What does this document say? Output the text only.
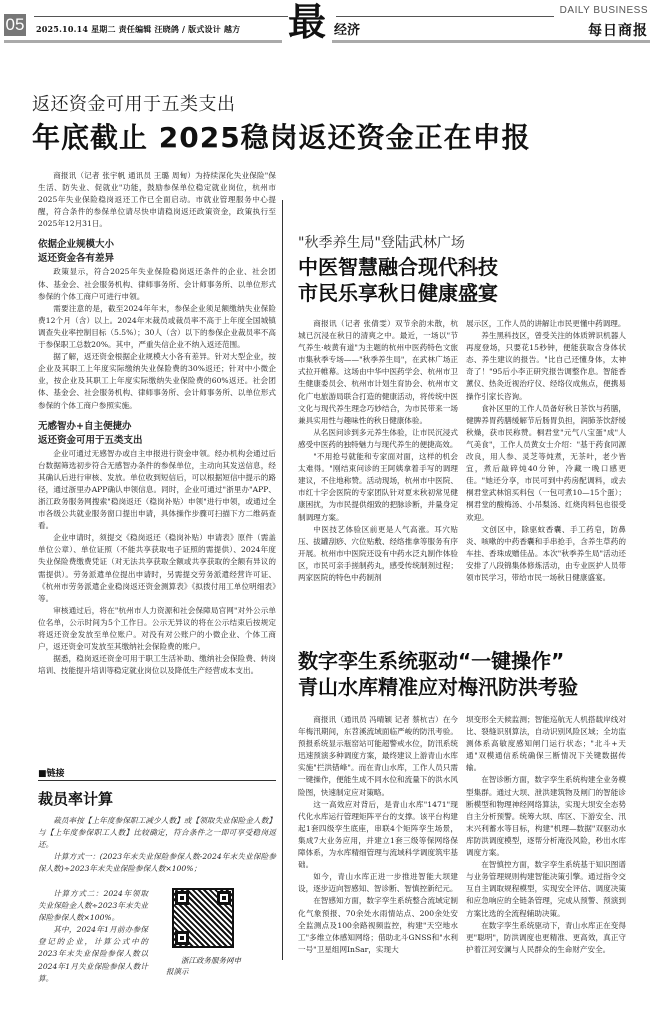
05 2025.10.14 星期二 责任编辑 汪晓鸽 / 版式设计 越方 最 经济
DAILY BUSINESS
每日商报
返还资金可用于五类支出
年底截止 2025稳岗返还资金正在申报

商报讯（记者 张宇帆 通讯员 王璐 周甸）为持续深化失业保险"保生活、防失业、促就业"功能，鼓励参保单位稳定就业岗位，杭州市2025年失业保险稳岗返还工作已全面启动。市就业管理服务中心提醒，符合条件的参保单位请尽快申请稳岗返还政策资金，政策执行至2025年12月31日。

依据企业规模大小
返还资金各有差异

政策显示，符合2025年失业保险稳岗返还条件的企业、社会团体、基金会、社会服务机构、律师事务所、会计师事务所、以单位形式参保的个体工商户可进行申领。

需要注意的是，截至2024年年末，参保企业须足额缴纳失业保险费12个月（含）以上。2024年末裁员或裁员率不高于上年度全国城镇调查失业率控制目标（5.5%）；30人（含）以下的参保企业裁员率不高于参保职工总数20%。其中，严重失信企业不纳入返还范围。

据了解，返还资金根据企业规模大小各有差异。针对大型企业，按企业及其职工上年度实际缴纳失业保险费的30%返还；针对中小微企业，按企业及其职工上年度实际缴纳失业保险费的60%返还。社会团体、基金会、社会服务机构、律师事务所、会计师事务所、以单位形式参保的个体工商户参照实施。

无感智办+自主便捷办
返还资金可用于五类支出

企业可通过无感智办或自主申报进行资金申领。经办机构会通过后台数据筛选初步符合无感智办条件的参保单位，主动向其发送信息，经其确认后进行审核、发放。单位收到短信后，可以根据短信中提示的路径，通过浙里办APP确认申领信息。同时，企业可通过"浙里办"APP、浙江政务服务网搜索"稳岗返还（稳岗补贴）申领"进行申领，或通过全市各级公共就业服务窗口提出申请，具体操作步骤可扫描下方二维码查看。

企业申请时，须提交《稳岗返还（稳岗补贴）申请表》原件（需盖单位公章）、单位证照（不能共享获取电子证照的需提供）、2024年度失业保险费缴费凭证（对无法共享获取全额或共享获取的全额有异议的需提供）。劳务派遣单位提出申请时，另需提交劳务派遣经营许可证、《杭州市劳务派遣企业稳岗返还资金测算表》《拟拨付用工单位明细表》等。

审核通过后，将在"杭州市人力资源和社会保障局官网"对外公示单位名单，公示时间为5个工作日。公示无异议的将在公示结束后按规定将返还资金发放至单位账户。对没有对公账户的小微企业、个体工商户，返还资金可发放至其缴纳社会保险费的账户。

据悉，稳岗返还资金可用于职工生活补助、缴纳社会保险费、转岗培训、技能提升培训等稳定就业岗位以及降低生产经营成本支出。

■链接
裁员率计算

裁员率按【上年度参保职工减少人数】或【领取失业保险金人数】与【上年度参保职工人数】比较确定，符合条件之一即可享受稳岗返还。

计算方式一：(2023年末失业保险参保人数-2024年末失业保险参保人数)÷2023年末失业保险参保人数×100%；

计算方式二：2024年领取失业保险金人数÷2023年末失业保险参保人数×100%。

其中，2024年1月前办参保登记的企业，计算公式中的2023年末失业保险参保人数以2024年1月失业保险参保人数计算。

浙江政务服务网申报演示
"秋季养生局"登陆武林广场
中医智慧融合现代科技
市民乐享秋日健康盛宴

商报讯（记者 张倩雯）双节余韵未散，杭城已沉浸在秋日的清爽之中。最近，一场以"节气养生·岐黄有道"为主题的杭州中医药特色文旅市集秋季专场——"秋季养生局"，在武林广场正式拉开帷幕。这场由中华中医药学会、杭州市卫生健康委员会、杭州市计划生育协会、杭州市文化广电旅游局联合打造的健康活动，将传统中医文化与现代养生理念巧妙结合，为市民带来一场兼具实用性与趣味性的秋日健康体验。

从名医问诊到多元养生体验，让市民沉浸式感受中医药的独特魅力与现代养生的便捷高效。

"不用抢号就能和专家面对面，这样的机会太难得。"刚结束问诊的王阿姨拿着手写的调理建议，不住地称赞。活动现场，杭州市中医院、市红十字会医院的专家团队针对夏末秋初常见健康困扰，为市民提供细致的把脉诊断，并量身定制调理方案。

中医技艺体验区前更是人气高涨。耳穴贴压、拔罐刮痧、穴位贴敷、经络推拿等服务有序开展。杭州市中医院还设有中药水泛丸制作体验区，市民可亲手搓制药丸，感受传统制剂过程；两家医院的特色中药制剂

展示区，工作人员的讲解让市民更懂中药调理。

养生黑科技区，曾受关注的体质辨识机器人再度登场，只要花15秒钟，便能获取含身体状态、养生建议的报告。"比自己还懂身体，太神奇了！"95后小李正研究报告调整作息。智能香薰仪、热灸近视治疗仪、经络仪成焦点，便携易操作引家长咨询。

食补区里的工作人员备好秋日茶饮与药膳，健脾养胃药膳缓解节后肠胃负担，润肺茶饮舒缓秋燥，获市民称赞。桐君堂"元气八宝蛋"成"人气美食"，工作人员黄女士介绍："基于药食同源改良，用人参、灵芝等炖煮，无茶叶，老少皆宜，煮后敲碎炖40分钟，冷藏一晚口感更佳。"她还分享，市民可到中药房配调料，或去桐君堂武林馆买料包（一包可煮10—15个蛋）；桐君堂的酸梅汤、小吊梨汤、红烧肉料包也很受欢迎。

文创区中，除驱蚊香囊、手工药皂，防鼻炎、咳嗽的中药香囊和手串抢手，含养生草药的车挂、香珠成赠佳品。本次"秋季养生局"活动还安排了八段锦集体修炼活动，由专业医护人员带领市民学习，带给市民一场秋日健康盛宴。

数字孪生系统驱动“一键操作”
青山水库精准应对梅汛防洪考验

商报讯（通讯员 冯晴颖 记者 蔡杭吉）在今年梅汛期间，东苕溪流域面临严峻的防汛考验。预报系统显示瓶窑站可能超警戒水位，防汛系统迅速预演多种调度方案，最终建议上游青山水库实施"拦洪错峰"。而在青山水库，工作人员只需一键操作，便能生成不同水位和流量下的洪水风险图，快速制定应对策略。

这一高效应对背后，是青山水库"1471"现代化水库运行管理矩阵平台的支撑。该平台构建起1套四级孪生底座，串联4个矩阵孪生场景，集成7大业务应用，并建立1套三级等保网络保障体系，为水库精细管理与流域科学调度筑牢基础。

如今，青山水库正进一步推进智能大坝建设，逐步迈向智感知、智诊断、智慎控新纪元。

在智感知方面，数字孪生系统整合流域定制化气象预报、70余处水雨情站点、200余处安全监测点及100余路视频监控，构建"天空地水工"多维立体感知网络；借助北斗GNSS和"水利一号"卫星组网InSar，实现大

坝变形全天候监测；智能巡航无人机搭载岸线对比、裂缝识别算法，自动识别风险区域；全坊监测体系高敏度感知闸门运行状态；"北斗+天通"双模通信系统确保三断情况下关键数据传输。

在智诊断方面，数字孪生系统构建全业务模型集群。通过大坝、泄洪建筑物及闸门的智能诊断模型和物理神经网络算法，实现大坝安全态势自主分析预警。统筹大坝、库区、下游安全、汛末兴利蓄水等目标，构建"机理—数据"双驱动水库防洪调度模型，逐帮分析淹没风险，秒出水库调度方案。

在智慎控方面，数字孪生系统基于知识图谱与业务管理规则构建智能决策引擎。通过指令交互自主调取规程模型，实现安全评估、调度决策和应急响应的全链条管理，完成从预警、预演到方案比选的全流程辅助决策。

在数字孪生系统驱动下，青山水库正在变得更"聪明"，防洪调度也更精准、更高效，真正守护着江河安澜与人民群众的生命财产安全。
